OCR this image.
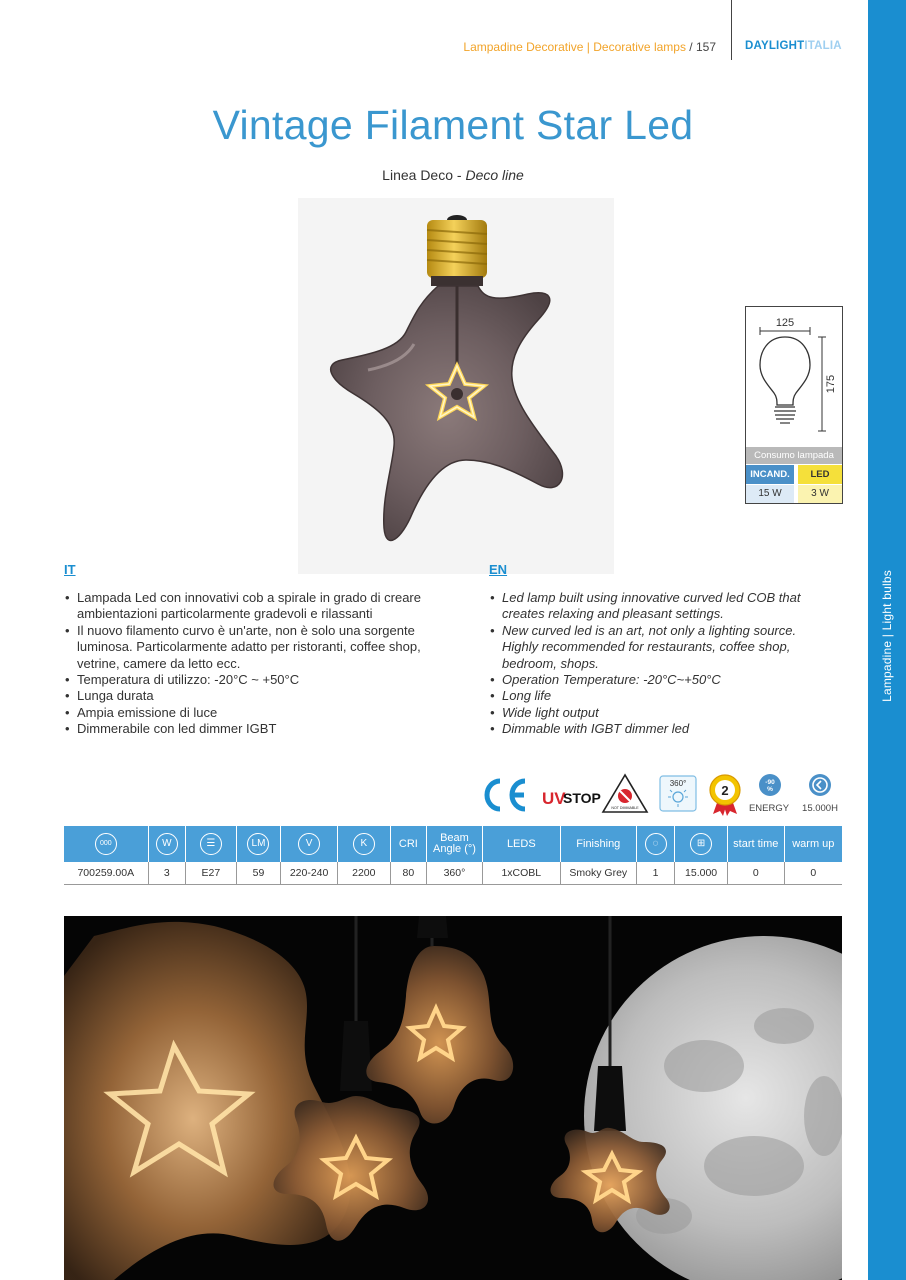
Lampadine | Light bulbs
Lampadine Decorative | Decorative lamps / 157	DAYLIGHTITALIA
Vintage Filament Star Led
Linea Deco - Deco line
125
175
Consumo lampada
INCAND.	LED
15 W	3 W
IT
• Lampada Led con innovativi cob a spirale in grado di creare ambientazioni particolarmente gradevoli e rilassanti
• Il nuovo filamento curvo è un'arte, non è solo una sorgente luminosa. Particolarmente adatto per ristoranti, coffee shop, vetrine, camere da letto ecc.
• Temperatura di utilizzo: -20°C ~ +50°C
• Lunga durata
• Ampia emissione di luce
• Dimmerabile con led dimmer IGBT
EN
• Led lamp built using innovative curved led COB that creates relaxing and pleasant settings.
• New curved led is an art, not only a lighting source. Highly recommended for restaurants, coffee shop, bedroom, shops.
• Operation Temperature: -20°C~+50°C
• Long life
• Wide light output
• Dimmable with IGBT dimmer led
UV
STOP
NOT DIMMABLE
360°	2
-90
%
ENERGY 15.000H
000	W	☰	LM	V	K	CRI	Beam
Angle (°)	LEDS	Finishing	◌	⊞	start time	warm up
700259.00A	3	E27	59	220-240	2200	80	360°	1xCOBL	Smoky Grey	1	15.000	0	0
